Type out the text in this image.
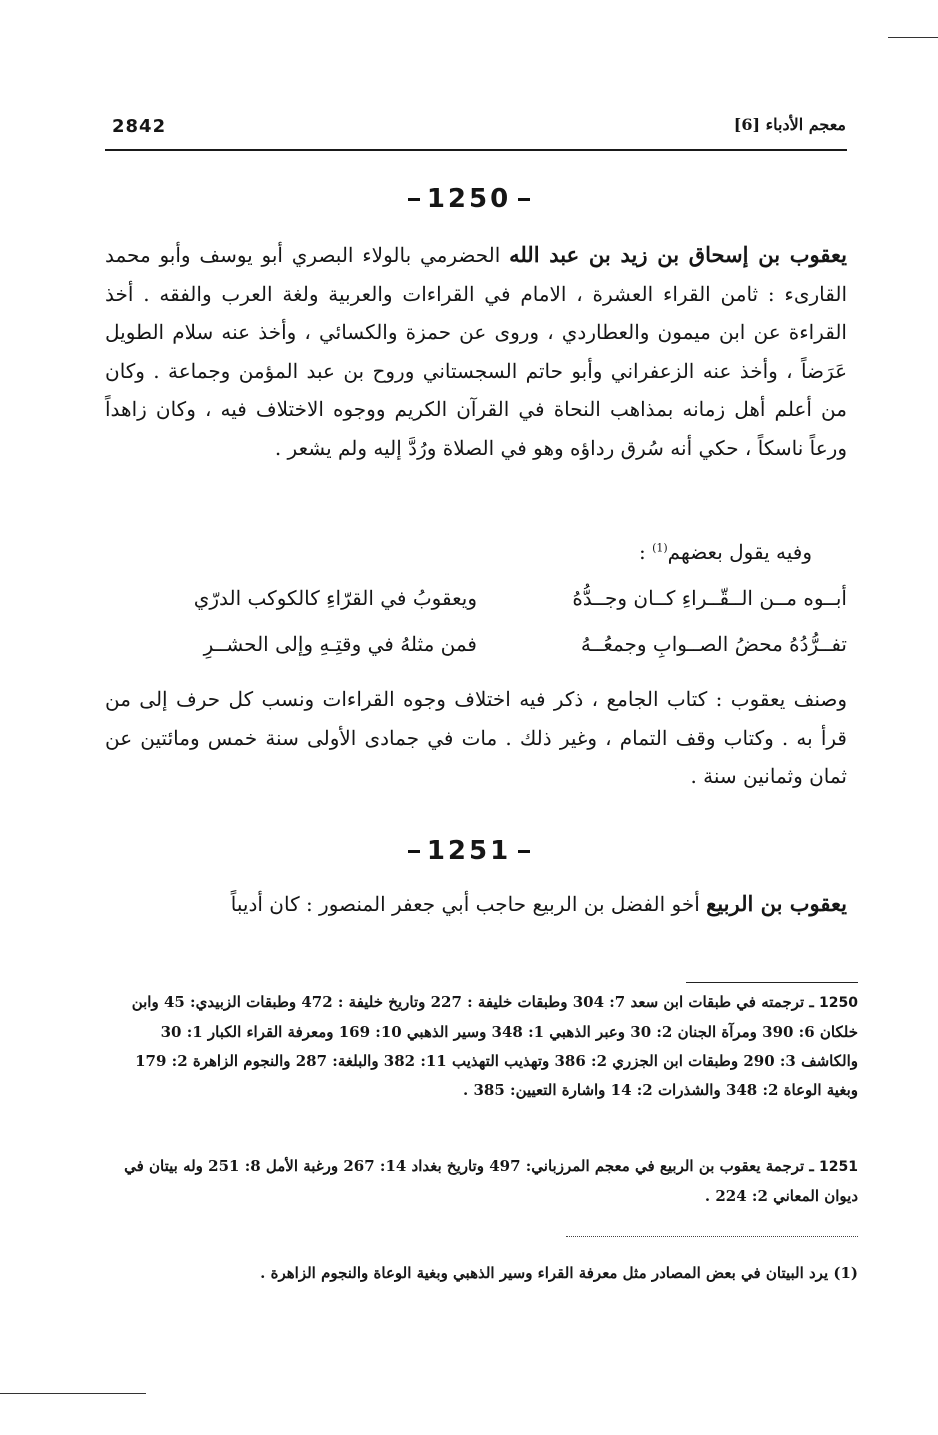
2842	معجم الأدباء [6]
1250
يعقوب بن إسحاق بن زيد بن عبد الله الحضرمي بالولاء البصري أبو يوسف وأبو محمد القارىء : ثامن القراء العشرة ، الامام في القراءات والعربية ولغة العرب والفقه . أخذ القراءة عن ابن ميمون والعطاردي ، وروى عن حمزة والكسائي ، وأخذ عنه سلام الطويل عَرَضاً ، وأخذ عنه الزعفراني وأبو حاتم السجستاني وروح بن عبد المؤمن وجماعة . وكان من أعلم أهل زمانه بمذاهب النحاة في القرآن الكريم ووجوه الاختلاف فيه ، وكان زاهداً ورعاً ناسكاً ، حكي أنه سُرق رداؤه وهو في الصلاة ورُدَّ إليه ولم يشعر .
وفيه يقول بعضهم$^{(1)}$ :
أبــوه مــن الــقّــراءِ كــان وجــدُّهُ
ويعقوبُ في القرّاءِ كالكوكب الدرّي
تفــرُّدُهُ محضُ الصــوابِ وجمعُــهُ
فمن مثلهُ في وقتِـهِ وإلى الحشــرِ
وصنف يعقوب : كتاب الجامع ، ذكر فيه اختلاف وجوه القراءات ونسب كل حرف إلى من قرأ به . وكتاب وقف التمام ، وغير ذلك . مات في جمادى الأولى سنة خمس ومائتين عن ثمان وثمانين سنة .
1251
يعقوب بن الربيع أخو الفضل بن الربيع حاجب أبي جعفر المنصور : كان أديباً
1250 ـ ترجمته في طبقات ابن سعد 7: 304 وطبقات خليفة : 227 وتاريخ خليفة : 472 وطبقات الزبيدي: 45 وابن خلكان 6: 390 ومرآة الجنان 2: 30 وعبر الذهبي 1: 348 وسير الذهبي 10: 169 ومعرفة القراء الكبار 1: 30 والكاشف 3: 290 وطبقات ابن الجزري 2: 386 وتهذيب التهذيب 11: 382 والبلغة: 287 والنجوم الزاهرة 2: 179 وبغية الوعاة 2: 348 والشذرات 2: 14 واشارة التعيين: 385 .
1251 ـ ترجمة يعقوب بن الربيع في معجم المرزباني: 497 وتاريخ بغداد 14: 267 ورغبة الأمل 8: 251 وله بيتان في ديوان المعاني 2: 224 .
(1) يرد البيتان في بعض المصادر مثل معرفة القراء وسير الذهبي وبغية الوعاة والنجوم الزاهرة .
